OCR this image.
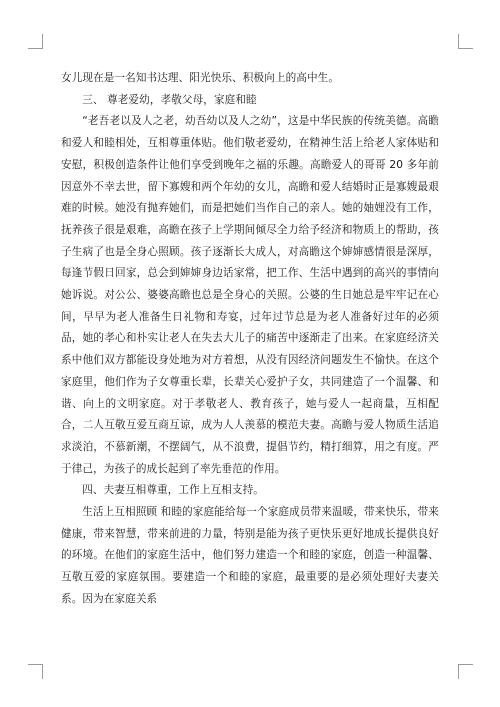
女儿现在是一名知书达理、阳光快乐、积极向上的高中生。

三、 尊老爱幼，孝敬父母，家庭和睦

“老吾老以及人之老，幼吾幼以及人之幼”，这是中华民族的传统美德。高瞻和爱人和睦相处，互相尊重体贴。他们敬老爱幼，在精神生活上给老人家体贴和安慰，积极创造条件让他们享受到晚年之福的乐趣。高瞻爱人的哥哥 20 多年前因意外不幸去世，留下寡嫂和两个年幼的女儿，高瞻和爱人结婚时正是寡嫂最艰难的时候。她没有抛弃她们，而是把她们当作自己的亲人。她的妯娌没有工作，抚养孩子很是艰难，高瞻在孩子上学期间倾尽全力给予经济和物质上的帮助，孩子生病了也是全身心照顾。孩子逐渐长大成人，对高瞻这个婶婶感情很是深厚，每逢节假日回家，总会到婶婶身边话家常，把工作、生活中遇到的高兴的事情向她诉说。对公公、婆婆高瞻也总是全身心的关照。公婆的生日她总是牢牢记在心间，早早为老人准备生日礼物和寿宴，过年过节总是为老人准备好过年的必须品，她的孝心和朴实让老人在失去大儿子的痛苦中逐渐走了出来。在家庭经济关系中他们双方都能设身处地为对方着想，从没有因经济问题发生不愉快。在这个家庭里，他们作为子女尊重长辈，长辈关心爱护子女，共同建造了一个温馨、和谐、向上的文明家庭。对于孝敬老人、教育孩子，她与爱人一起商量，互相配合，二人互敬互爱互商互谅，成为人人羡慕的模范夫妻。高瞻与爱人物质生活追求淡泊，不慕新潮，不摆阔气，从不浪费，提倡节约，精打细算，用之有度。严于律己，为孩子的成长起到了率先垂范的作用。

四、夫妻互相尊重，工作上互相支持。

生活上互相照顾 和睦的家庭能给每一个家庭成员带来温暖，带来快乐，带来健康，带来智慧，带来前进的力量，特别是能为孩子更快乐更好地成长提供良好的环境。在他们的家庭生活中，他们努力建造一个和睦的家庭，创造一种温馨、互敬互爱的家庭氛围。要建造一个和睦的家庭，最重要的是必须处理好夫妻关系。因为在家庭关系
